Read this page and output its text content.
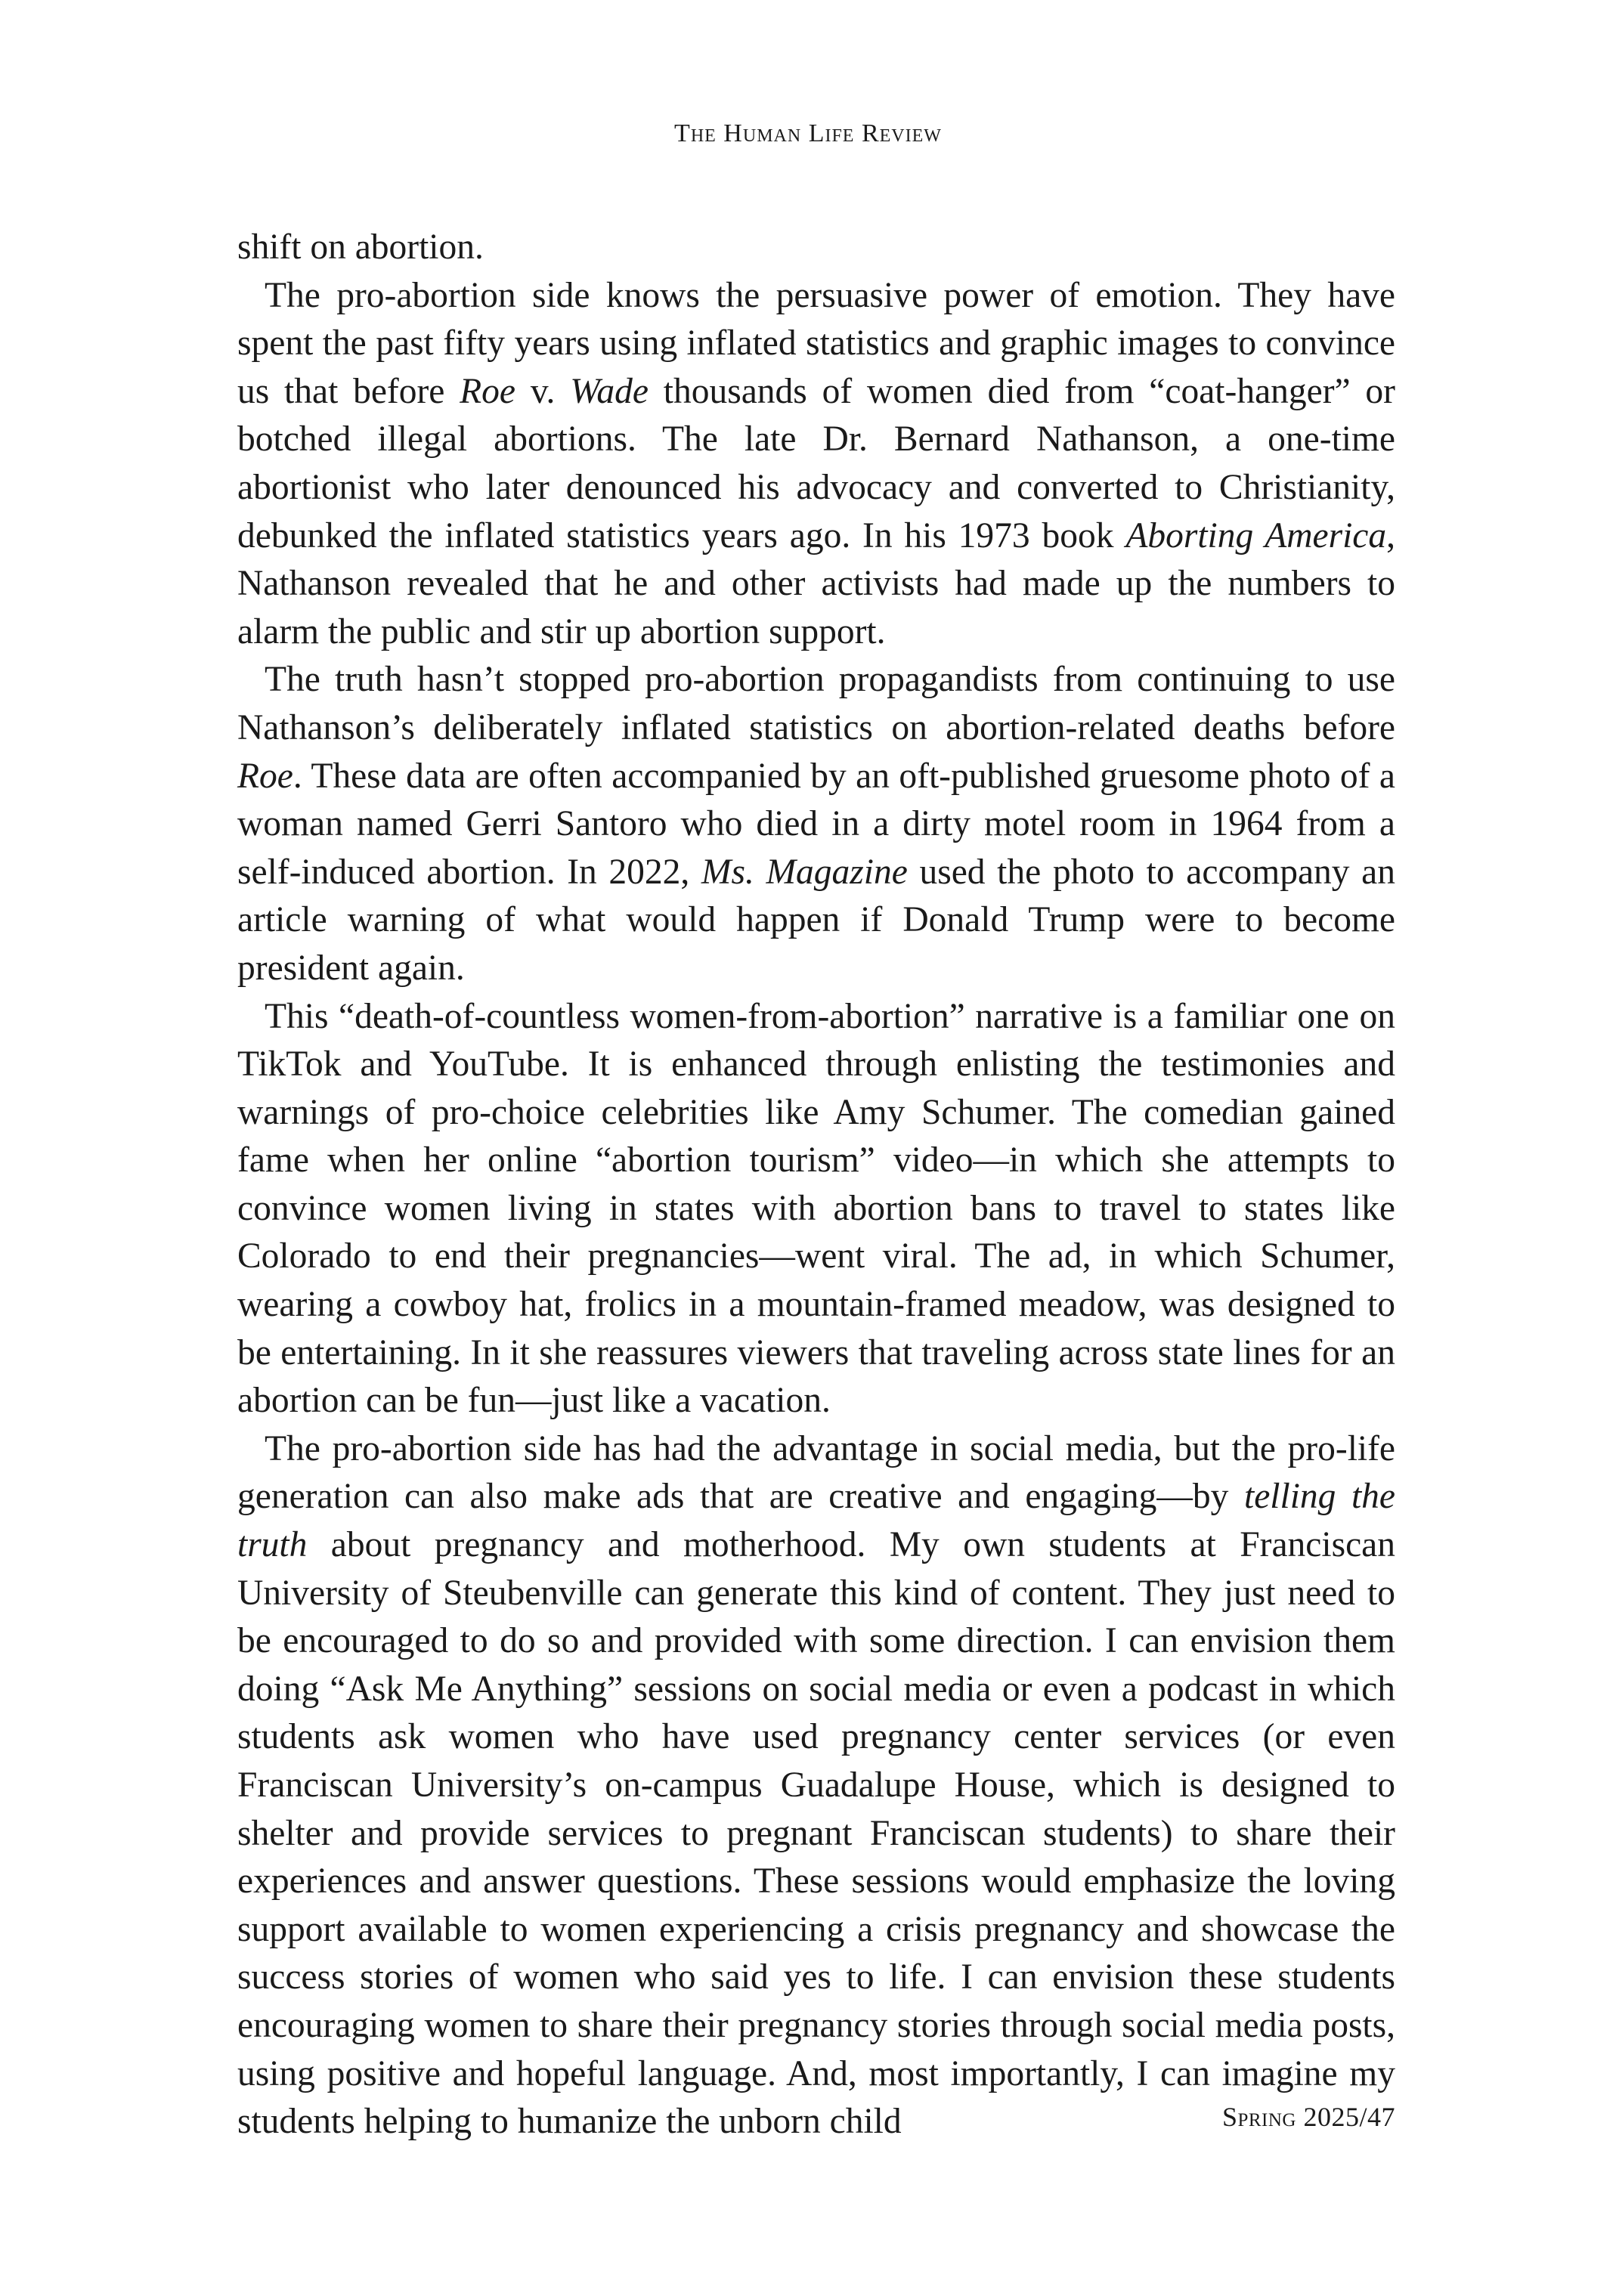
The Human Life Review

shift on abortion.

The pro-abortion side knows the persuasive power of emotion. They have spent the past fifty years using inflated statistics and graphic images to convince us that before Roe v. Wade thousands of women died from “coat-hanger” or botched illegal abortions. The late Dr. Bernard Nathanson, a one-time abortionist who later denounced his advocacy and converted to Christianity, debunked the inflated statistics years ago. In his 1973 book Aborting America, Nathanson revealed that he and other activists had made up the numbers to alarm the public and stir up abortion support.

The truth hasn’t stopped pro-abortion propagandists from continuing to use Nathanson’s deliberately inflated statistics on abortion-related deaths before Roe. These data are often accompanied by an oft-published gruesome photo of a woman named Gerri Santoro who died in a dirty motel room in 1964 from a self-induced abortion. In 2022, Ms. Magazine used the photo to accompany an article warning of what would happen if Donald Trump were to become president again.

This “death-of-countless women-from-abortion” narrative is a familiar one on TikTok and YouTube. It is enhanced through enlisting the testimonies and warnings of pro-choice celebrities like Amy Schumer. The comedian gained fame when her online “abortion tourism” video—in which she attempts to convince women living in states with abortion bans to travel to states like Colorado to end their pregnancies—went viral. The ad, in which Schumer, wearing a cowboy hat, frolics in a mountain-framed meadow, was designed to be entertaining. In it she reassures viewers that traveling across state lines for an abortion can be fun—just like a vacation.

The pro-abortion side has had the advantage in social media, but the pro-life generation can also make ads that are creative and engaging—by telling the truth about pregnancy and motherhood. My own students at Franciscan University of Steubenville can generate this kind of content. They just need to be encouraged to do so and provided with some direction. I can envision them doing “Ask Me Anything” sessions on social media or even a podcast in which students ask women who have used pregnancy center services (or even Franciscan University’s on-campus Guadalupe House, which is designed to shelter and provide services to pregnant Franciscan students) to share their experiences and answer questions. These sessions would emphasize the loving support available to women experiencing a crisis pregnancy and showcase the success stories of women who said yes to life. I can envision these students encouraging women to share their pregnancy stories through social media posts, using positive and hopeful language. And, most importantly, I can imagine my students helping to humanize the unborn child	Spring 2025/47
